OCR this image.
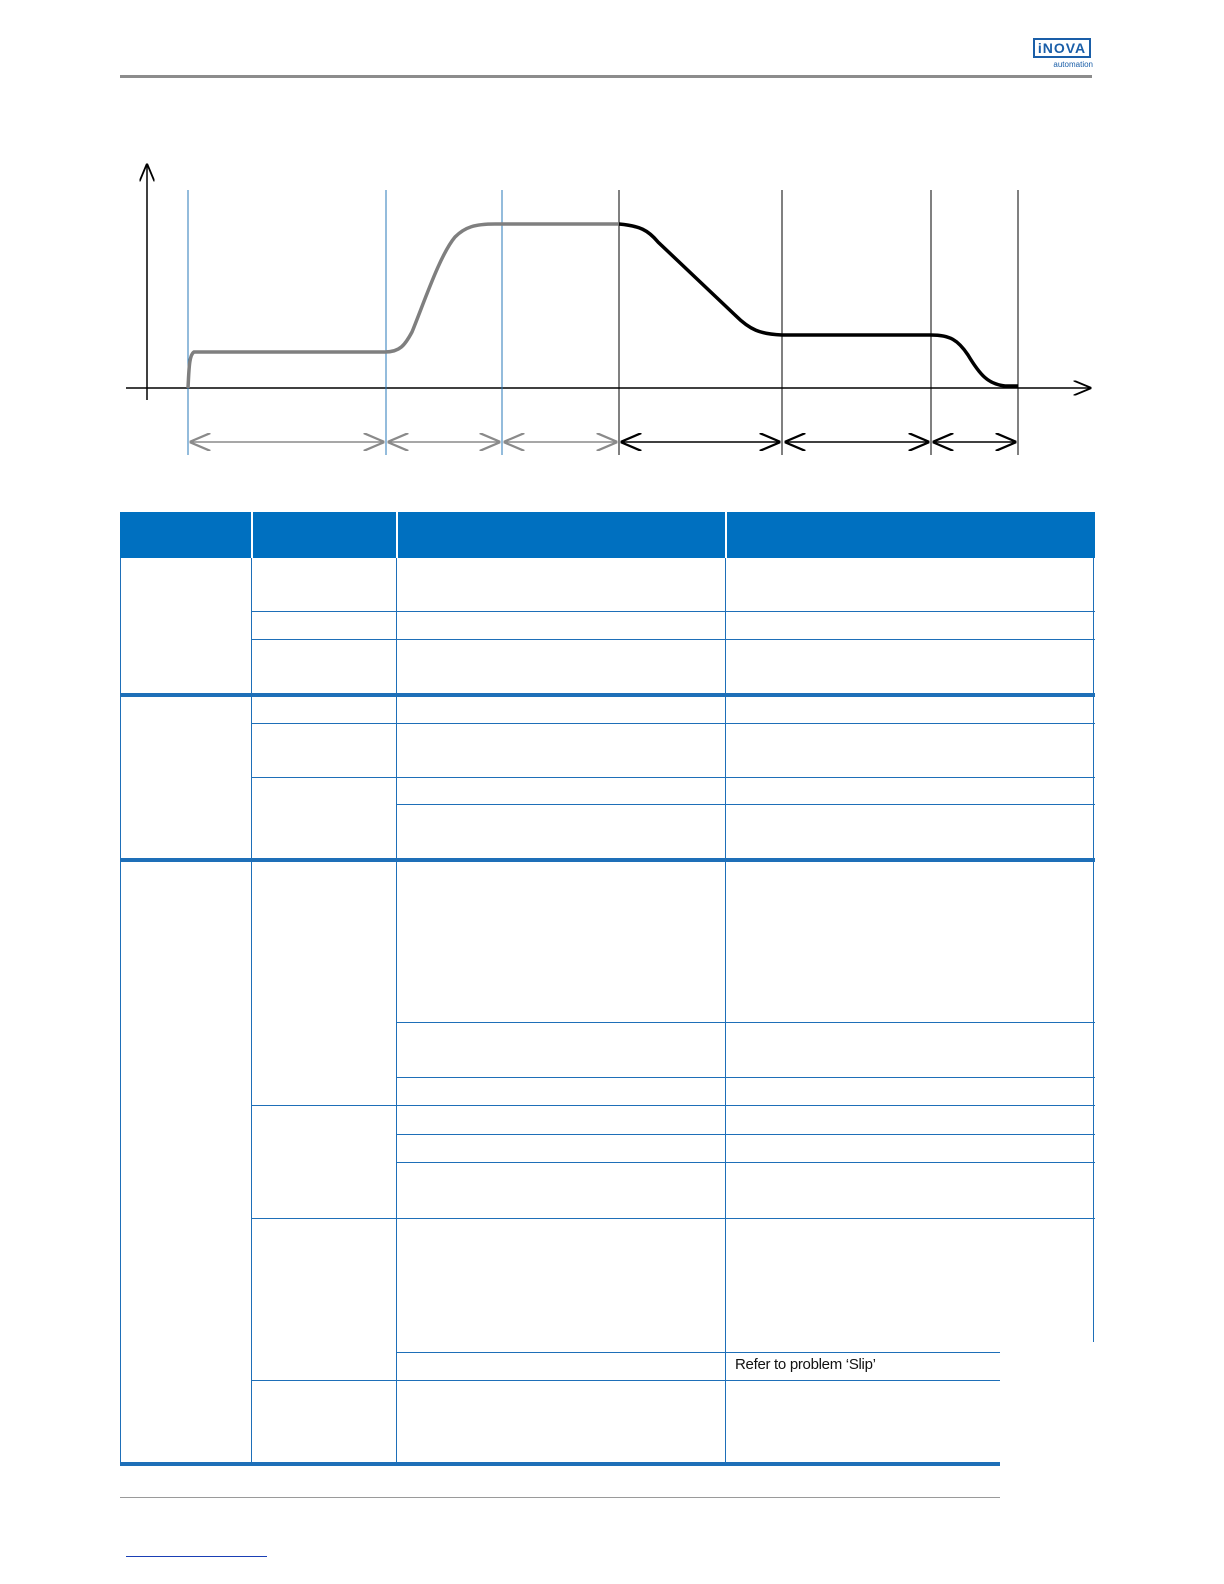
iNOVA
automation
Refer to problem ‘Slip’
